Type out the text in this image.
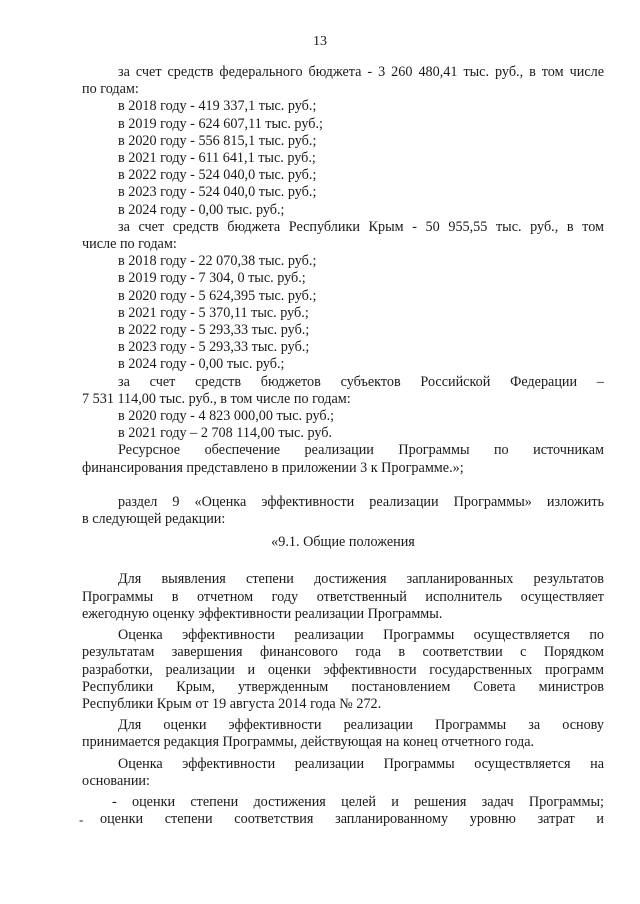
13
за счет средств федерального бюджета - 3 260 480,41 тыс. руб., в том числе
по годам:
в 2018 году - 419 337,1 тыс. руб.;
в 2019 году - 624 607,11 тыс. руб.;
в 2020 году - 556 815,1 тыс. руб.;
в 2021 году - 611 641,1 тыс. руб.;
в 2022 году - 524 040,0 тыс. руб.;
в 2023 году - 524 040,0 тыс. руб.;
в 2024 году - 0,00 тыс. руб.;
за счет средств бюджета Республики Крым - 50 955,55 тыс. руб., в том
числе по годам:
в 2018 году - 22 070,38 тыс. руб.;
в 2019 году - 7 304, 0 тыс. руб.;
в 2020 году - 5 624,395 тыс. руб.;
в 2021 году - 5 370,11 тыс. руб.;
в 2022 году - 5 293,33 тыс. руб.;
в 2023 году - 5 293,33 тыс. руб.;
в 2024 году - 0,00 тыс. руб.;
за счет средств бюджетов субъектов Российской Федерации –
7 531 114,00 тыс. руб., в том числе по годам:
в 2020 году - 4 823 000,00 тыс. руб.;
в 2021 году – 2 708 114,00 тыс. руб.
Ресурсное обеспечение реализации Программы по источникам
финансирования представлено в приложении 3 к Программе.»;
раздел 9 «Оценка эффективности реализации Программы» изложить
в следующей редакции:
«9.1. Общие положения
Для выявления степени достижения запланированных результатов
Программы в отчетном году ответственный исполнитель осуществляет
ежегодную оценку эффективности реализации Программы.
Оценка эффективности реализации Программы осуществляется по
результатам завершения финансового года в соответствии с Порядком
разработки, реализации и оценки эффективности государственных программ
Республики Крым, утвержденным постановлением Совета министров
Республики Крым от 19 августа 2014 года № 272.
Для оценки эффективности реализации Программы за основу
принимается редакция Программы, действующая на конец отчетного года.
Оценка эффективности реализации Программы осуществляется на
основании:
- оценки степени достижения целей и решения задач Программы;
оценки степени соответствия запланированному уровню затрат и
-
